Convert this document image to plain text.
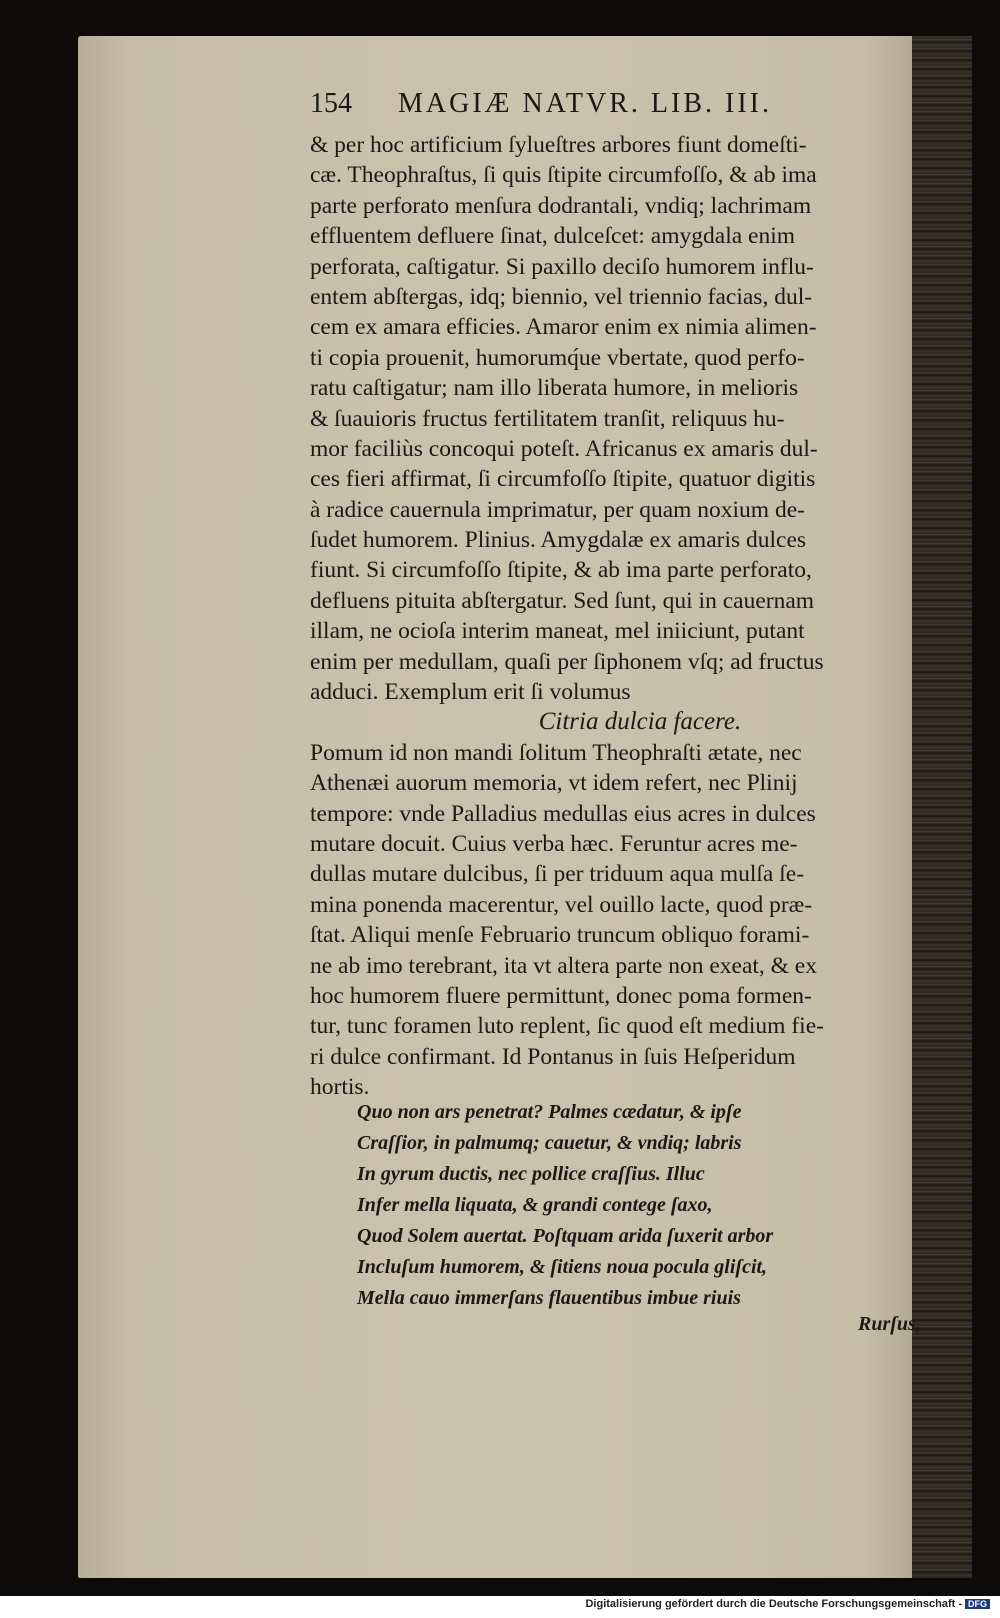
154 MAGIÆ NATVR. LIB. III.
& per hoc artificium ſylueſtres arbores fiunt domeſti-
cæ. Theophraſtus, ſi quis ſtipite circumfoſſo, & ab ima
parte perforato menſura dodrantali, vndiq; lachrimam
effluentem defluere ſinat, dulceſcet: amygdala enim
perforata, caſtigatur. Si paxillo deciſo humorem influ-
entem abſtergas, idq; biennio, vel triennio facias, dul-
cem ex amara efficies. Amaror enim ex nimia alimen-
ti copia prouenit, humorumq́ue vbertate, quod perfo-
ratu caſtigatur; nam illo liberata humore, in melioris
& ſuauioris fructus fertilitatem tranſit, reliquus hu-
mor faciliùs concoqui poteſt. Africanus ex amaris dul-
ces fieri affirmat, ſi circumfoſſo ſtipite, quatuor digitis
à radice cauernula imprimatur, per quam noxium de-
ſudet humorem. Plinius. Amygdalæ ex amaris dulces
fiunt. Si circumfoſſo ſtipite, & ab ima parte perforato,
defluens pituita abſtergatur. Sed ſunt, qui in cauernam
illam, ne ocioſa interim maneat, mel iniiciunt, putant
enim per medullam, quaſi per ſiphonem vſq; ad fructus
adduci. Exemplum erit ſi volumus
Citria dulcia facere.
Pomum id non mandi ſolitum Theophraſti ætate, nec
Athenæi auorum memoria, vt idem refert, nec Plinij
tempore: vnde Palladius medullas eius acres in dulces
mutare docuit. Cuius verba hæc. Feruntur acres me-
dullas mutare dulcibus, ſi per triduum aqua mulſa ſe-
mina ponenda macerentur, vel ouillo lacte, quod præ-
ſtat. Aliqui menſe Februario truncum obliquo forami-
ne ab imo terebrant, ita vt altera parte non exeat, & ex
hoc humorem fluere permittunt, donec poma formen-
tur, tunc foramen luto replent, ſic quod eſt medium fie-
ri dulce confirmant. Id Pontanus in ſuis Heſperidum
hortis.
Quo non ars penetrat? Palmes cædatur, & ipſe
Craſſior, in palmumq; cauetur, & vndiq; labris
In gyrum ductis, nec pollice craſſius. Illuc
Infer mella liquata, & grandi contege ſaxo,
Quod Solem auertat. Poſtquam arida ſuxerit arbor
Incluſum humorem, & ſitiens noua pocula gliſcit,
Mella cauo immerſans flauentibus imbue riuis
Rurſus,
Digitalisierung gefördert durch die Deutsche Forschungsgemeinschaft - DFG
